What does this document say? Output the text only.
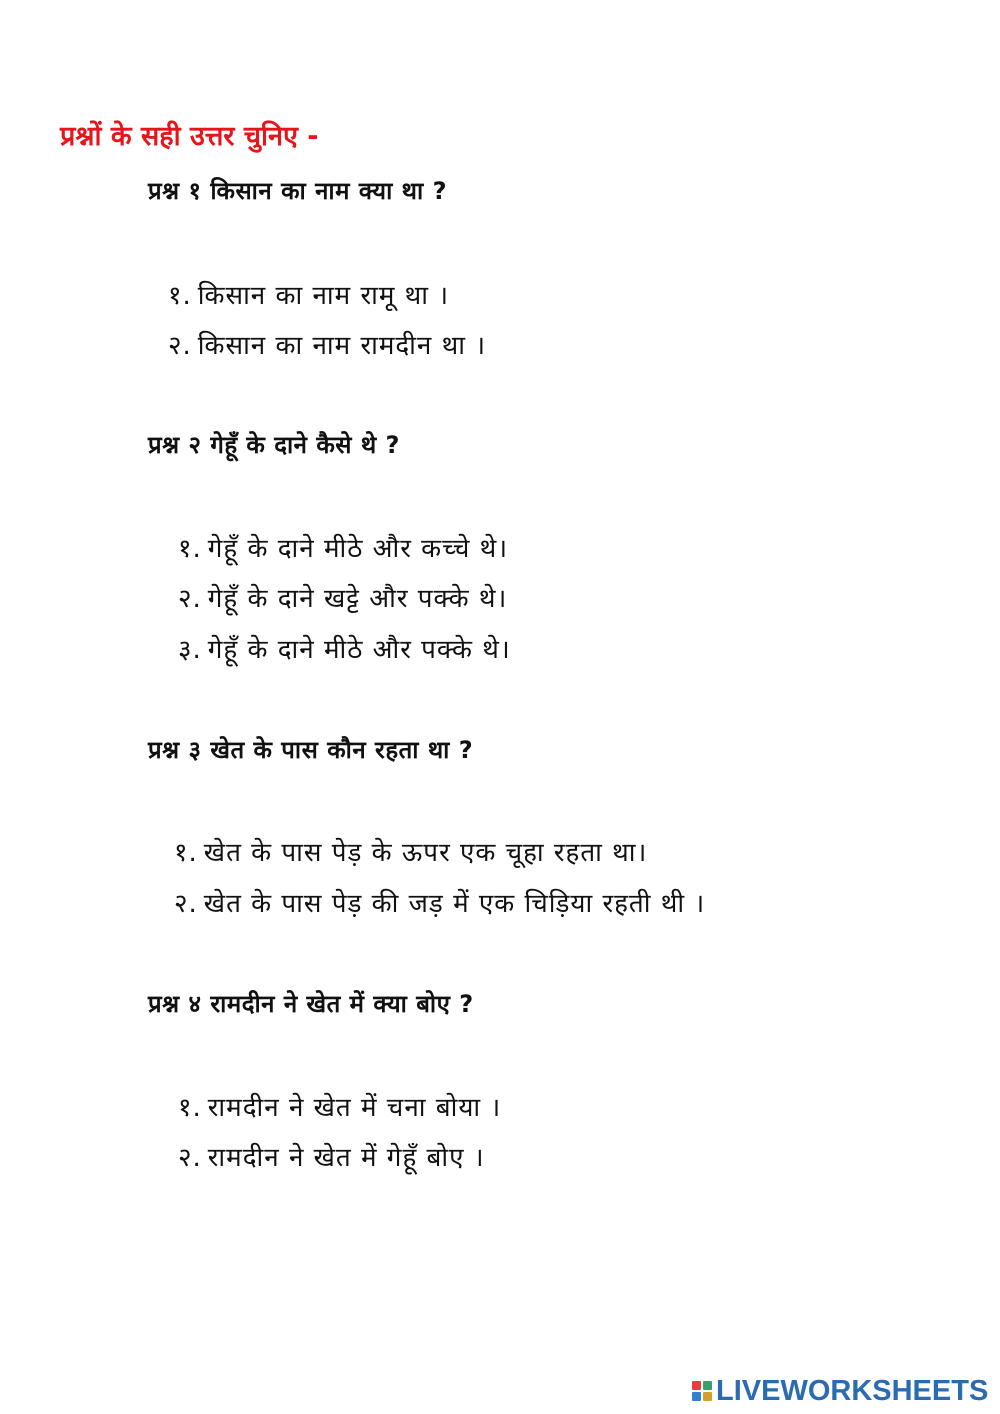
प्रश्नों के सही उत्तर चुनिए -
प्रश्न १ किसान का नाम क्या था ?
१. किसान का नाम रामू था ।
२. किसान का नाम रामदीन था ।
प्रश्न २ गेहूँ के दाने कैसे थे ?
१. गेहूँ के दाने मीठे और कच्चे थे।
२. गेहूँ के दाने खट्टे और पक्के थे।
३. गेहूँ के दाने मीठे और पक्के थे।
प्रश्न ३ खेत के पास कौन रहता था ?
१. खेत के पास पेड़ के ऊपर एक चूहा रहता था।
२. खेत के पास पेड़ की जड़ में एक चिड़िया रहती थी ।
प्रश्न ४ रामदीन ने खेत में क्या बोए ?
१. रामदीन ने खेत में चना बोया ।
२. रामदीन ने खेत में गेहूँ बोए ।
LIVEWORKSHEETS
